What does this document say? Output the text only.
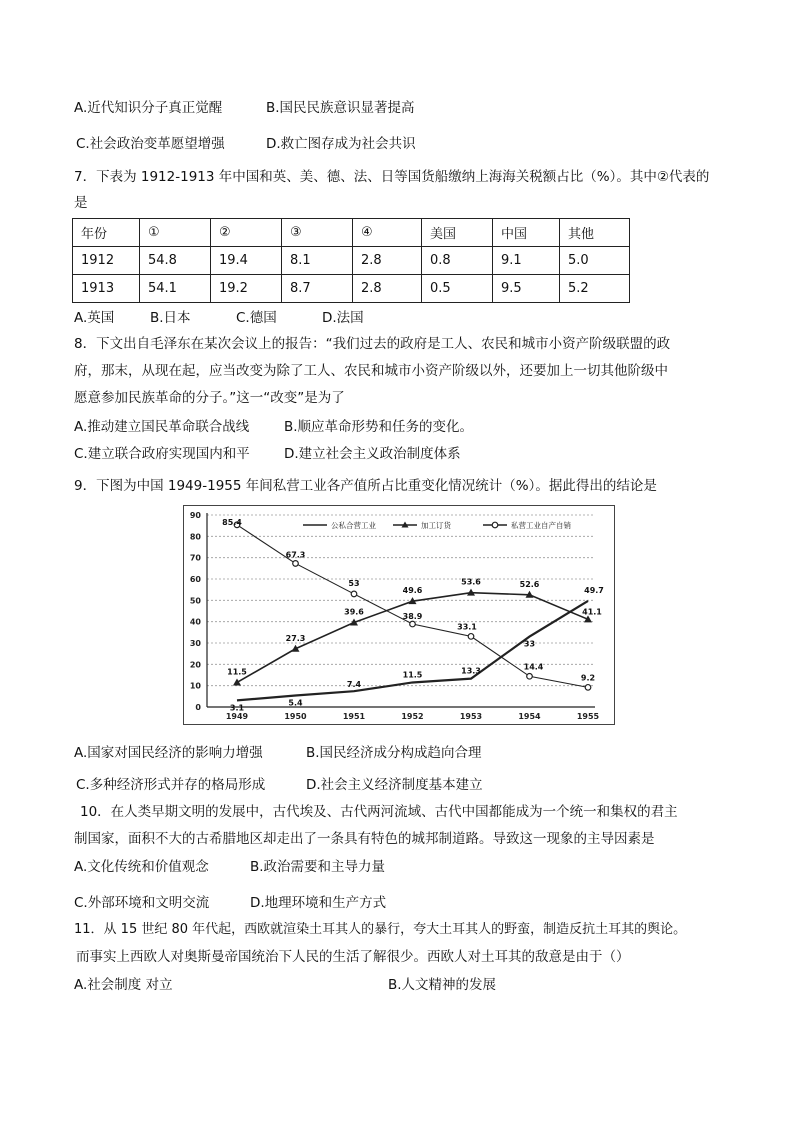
A.近代知识分子真正觉醒	B.国民民族意识显著提高
C.社会政治变革愿望增强	D.救亡图存成为社会共识
7．下表为 1912-1913 年中国和英、美、德、法、日等国货船缴纳上海海关税额占比（%）。其中②代表的
是
年份	①	②	③	④	美国	中国	其他
1912	54.8	19.4	8.1	2.8	0.8	9.1	5.0
1913	54.1	19.2	8.7	2.8	0.5	9.5	5.2
A.英国	B.日本	C.德国	D.法国
8．下文出自毛泽东在某次会议上的报告：“我们过去的政府是工人、农民和城市小资产阶级联盟的政
府，那末，从现在起，应当改变为除了工人、农民和城市小资产阶级以外，还要加上一切其他阶级中
愿意参加民族革命的分子。”这一“改变”是为了
A.推动建立国民革命联合战线	B.顺应革命形势和任务的变化。
C.建立联合政府实现国内和平	D.建立社会主义政治制度体系
9．下图为中国 1949-1955 年间私营工业各产值所占比重变化情况统计（%）。据此得出的结论是
0
10
20
30
40
50
60
70
80
90
1949	1950	1951	1952	1953	1954	1955
公私合营工业	加工订货	私营工业自产自销
3.1
5.4
7.4
11.5	13.3
33
49.7
11.5
27.3
39.6
49.6
53.6	52.6
41.1
85.4
67.3
53
38.9
33.1
14.4
9.2
A.国家对国民经济的影响力增强	B.国民经济成分构成趋向合理
C.多种经济形式并存的格局形成	D.社会主义经济制度基本建立
10．在人类早期文明的发展中，古代埃及、古代两河流域、古代中国都能成为一个统一和集权的君主
制国家，面积不大的古希腊地区却走出了一条具有特色的城邦制道路。导致这一现象的主导因素是
A.文化传统和价值观念	B.政治需要和主导力量
C.外部环境和文明交流	D.地理环境和生产方式
11．从 15 世纪 80 年代起，西欧就渲染土耳其人的暴行，夸大土耳其人的野蛮，制造反抗土耳其的舆论。
而事实上西欧人对奥斯曼帝国统治下人民的生活了解很少。西欧人对土耳其的敌意是由于（）
A.社会制度 对立	B.人文精神的发展
